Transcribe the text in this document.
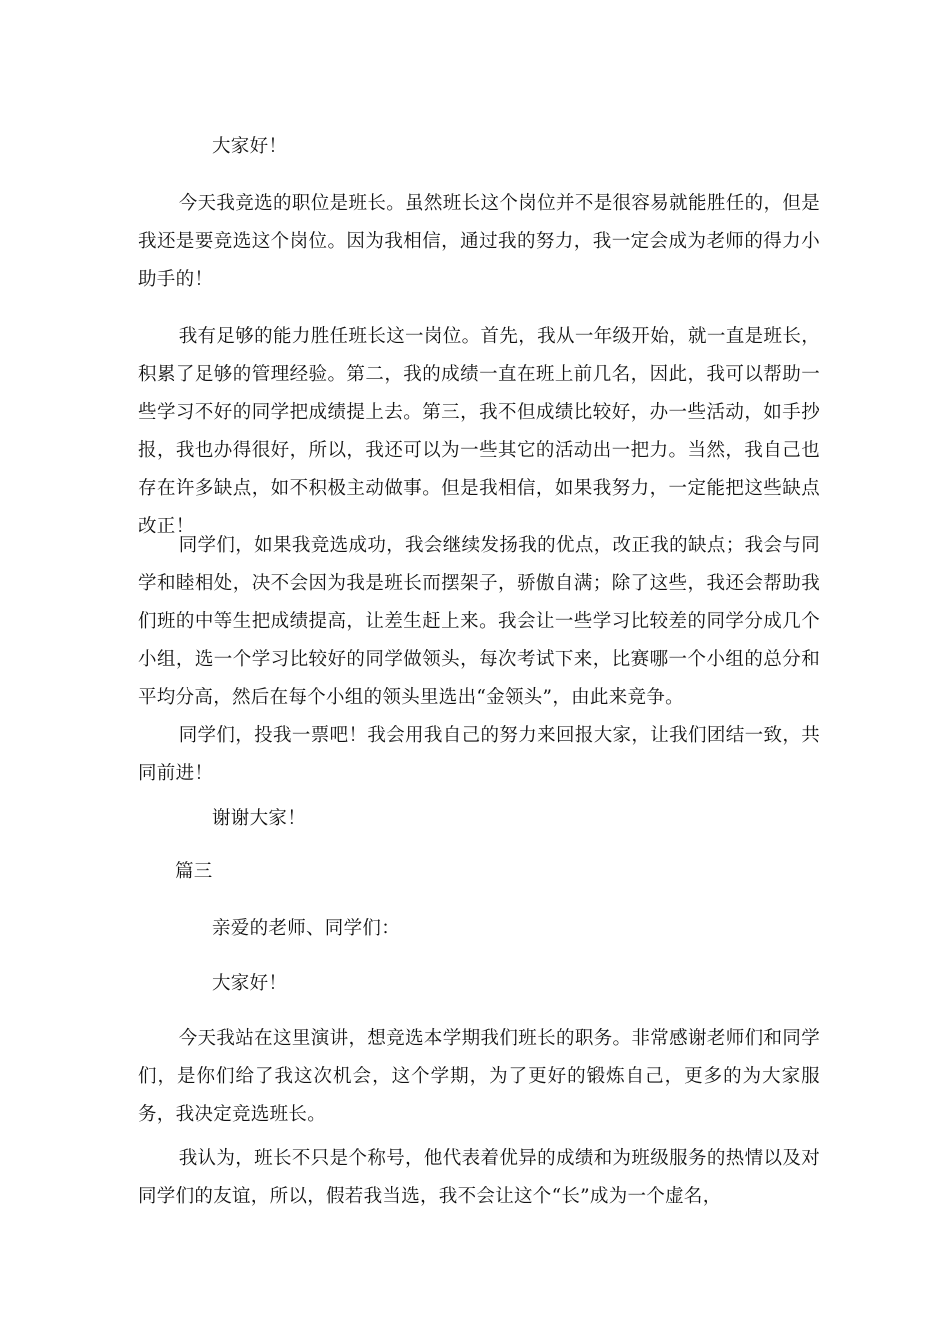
大家好！

今天我竞选的职位是班长。虽然班长这个岗位并不是很容易就能胜任的，但是我还是要竞选这个岗位。因为我相信，通过我的努力，我一定会成为老师的得力小助手的！

我有足够的能力胜任班长这一岗位。首先，我从一年级开始，就一直是班长，积累了足够的管理经验。第二，我的成绩一直在班上前几名，因此，我可以帮助一些学习不好的同学把成绩提上去。第三，我不但成绩比较好，办一些活动，如手抄报，我也办得很好，所以，我还可以为一些其它的活动出一把力。当然，我自己也存在许多缺点，如不积极主动做事。但是我相信，如果我努力，一定能把这些缺点改正！

同学们，如果我竞选成功，我会继续发扬我的优点，改正我的缺点；我会与同学和睦相处，决不会因为我是班长而摆架子，骄傲自满；除了这些，我还会帮助我们班的中等生把成绩提高，让差生赶上来。我会让一些学习比较差的同学分成几个小组，选一个学习比较好的同学做领头，每次考试下来，比赛哪一个小组的总分和平均分高，然后在每个小组的领头里选出“金领头”，由此来竞争。

同学们，投我一票吧！我会用我自己的努力来回报大家，让我们团结一致，共同前进！

谢谢大家！

篇三

亲爱的老师、同学们：

大家好！

今天我站在这里演讲，想竞选本学期我们班长的职务。非常感谢老师们和同学们，是你们给了我这次机会，这个学期，为了更好的锻炼自己，更多的为大家服务，我决定竞选班长。

我认为，班长不只是个称号，他代表着优异的成绩和为班级服务的热情以及对同学们的友谊，所以，假若我当选，我不会让这个“长”成为一个虚名，
